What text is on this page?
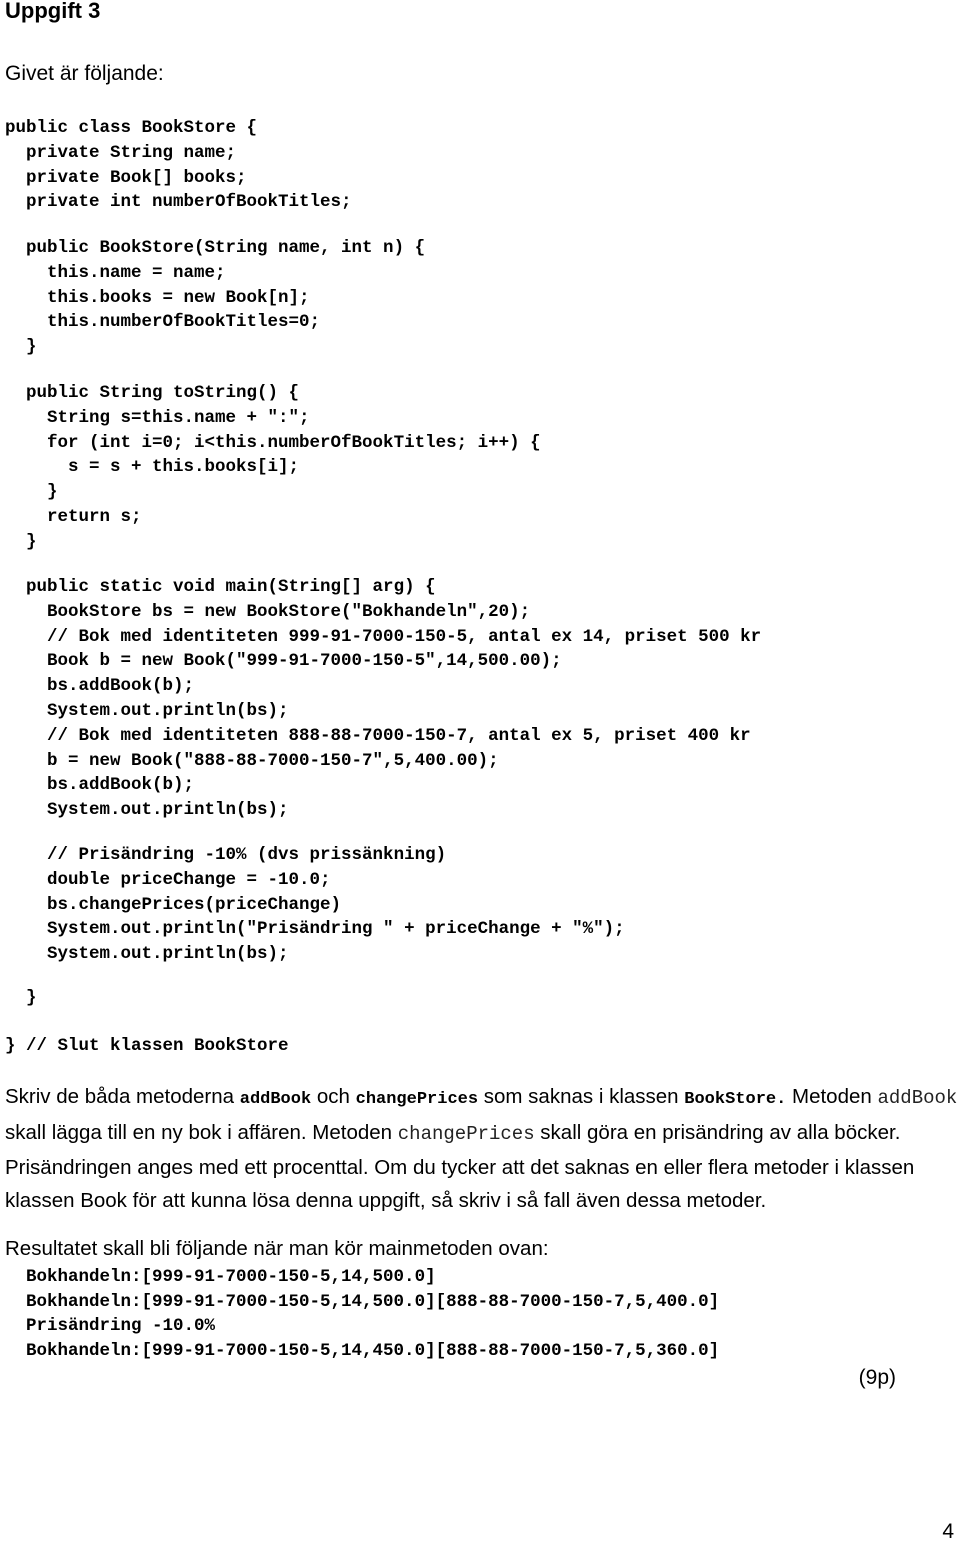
Uppgift 3
Givet är följande:
public class BookStore {
private String name;
private Book[] books;
private int numberOfBookTitles;
public BookStore(String name, int n) {
this.name = name;
this.books = new Book[n];
this.numberOfBookTitles=0;
}
public String toString() {
String s=this.name + ":";
for (int i=0; i<this.numberOfBookTitles; i++) {
s = s + this.books[i];
}
return s;
}
public static void main(String[] arg) {
BookStore bs = new BookStore("Bokhandeln",20);
// Bok med identiteten 999-91-7000-150-5, antal ex 14, priset 500 kr
Book b = new Book("999-91-7000-150-5",14,500.00);
bs.addBook(b);
System.out.println(bs);
// Bok med identiteten 888-88-7000-150-7, antal ex 5, priset 400 kr
b = new Book("888-88-7000-150-7",5,400.00);
bs.addBook(b);
System.out.println(bs);
// Prisändring -10% (dvs prissänkning)
double priceChange = -10.0;
bs.changePrices(priceChange)
System.out.println("Prisändring " + priceChange + "%");
System.out.println(bs);
}
} // Slut klassen BookStore
Skriv de båda metoderna addBook och changePrices som saknas i klassen BookStore. Metoden addBook skall lägga till en ny bok i affären. Metoden changePrices skall göra en prisändring av alla böcker. Prisändringen anges med ett procenttal. Om du tycker att det saknas en eller flera metoder i klassen klassen Book för att kunna lösa denna uppgift, så skriv i så fall även dessa metoder.
Resultatet skall bli följande när man kör mainmetoden ovan:
Bokhandeln:[999-91-7000-150-5,14,500.0]
Bokhandeln:[999-91-7000-150-5,14,500.0][888-88-7000-150-7,5,400.0]
Prisändring -10.0%
Bokhandeln:[999-91-7000-150-5,14,450.0][888-88-7000-150-7,5,360.0]
(9p)
4
